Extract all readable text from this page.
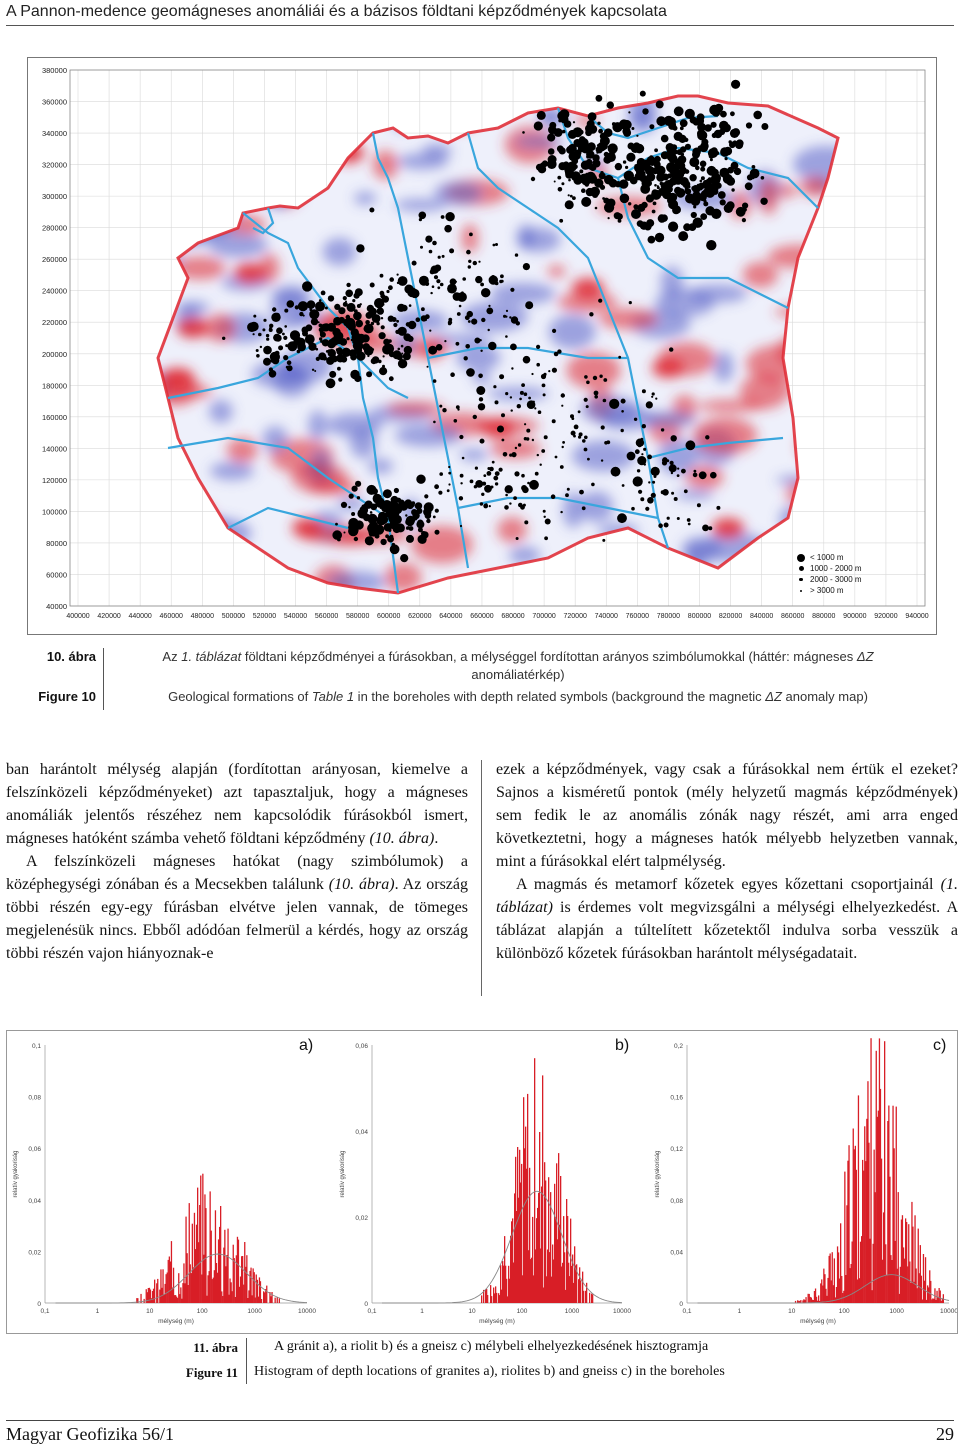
A Pannon-medence geomágneses anomáliái és a bázisos földtani képződmények kapcsolata
380000
360000
340000
320000
300000
280000
260000
240000
220000
200000
180000
160000
140000
120000
100000
80000
60000
40000
400000 420000 440000 460000 480000 500000 520000 540000 560000 580000 600000 620000 640000 660000 680000 700000 720000 740000 760000 780000 800000 820000 840000 860000 880000 900000 920000 940000
< 1000 m
1000 - 2000 m
2000 - 3000 m
> 3000 m
10. ábra
Figure 10
Az 1. táblázat földtani képződményei a fúrásokban, a mélységgel fordítottan arányos szimbólumokkal (háttér: mágneses ΔZ
anomáliatérkép)
Geological formations of Table 1 in the boreholes with depth related symbols (background the magnetic ΔZ anomaly map)

ban harántolt mélység alapján (fordítottan arányosan, kiemelve a felszínközeli képződményeket) azt tapasztaljuk, hogy a mágneses anomáliák jelentős részéhez nem kapcsolódik fúrásokból ismert, mágneses hatóként számba vehető földtani képződmény (10. ábra).

A felszínközeli mágneses hatókat (nagy szimbólumok) a középhegységi zónában és a Mecsekben találunk (10. ábra). Az ország többi részén egy-egy fúrásban elvétve jelen vannak, de tömeges megjelenésük nincs. Ebből adódóan felmerül a kérdés, hogy az ország többi részén vajon hiányoznak-e

ezek a képződmények, vagy csak a fúrásokkal nem értük el ezeket? Sajnos a kisméretű pontok (mély helyzetű magmás képződmények) sem fedik le az anomális zónák nagy részét, ami arra enged következtetni, hogy a mágneses hatók mélyebb helyzetben vannak, mint a fúrásokkal elért talpmélység.

A magmás és metamorf kőzetek egyes kőzettani csoportjainál (1. táblázat) is érdemes volt megvizsgálni a mélységi elhelyezkedést. A táblázat alapján a túltelített kőzetektől indulva sorba vesszük a különböző kőzetek fúrásokban harántolt mélységadatait.

0,1
0,08
0,06
0,04
0,02
0
relatív gyakoriság
0,1	1	10	100	1000	10000
mélység (m)
0,06
0,04
0,02
0
relatív gyakoriság
0,1	1	10	100	1000	10000
mélység (m)
0,2
0,16
0,12
0,08
0,04
0
relatív gyakoriság
0,1	1	10	100	1000	10000
mélység (m)
a)	b)	c)
11. ábra
Figure 11
A gránit a), a riolit b) és a gneisz c) mélybeli elhelyezkedésének hisztogramja
Histogram of depth locations of granites a), riolites b) and gneiss c) in the boreholes
Magyar Geofizika 56/1	29
